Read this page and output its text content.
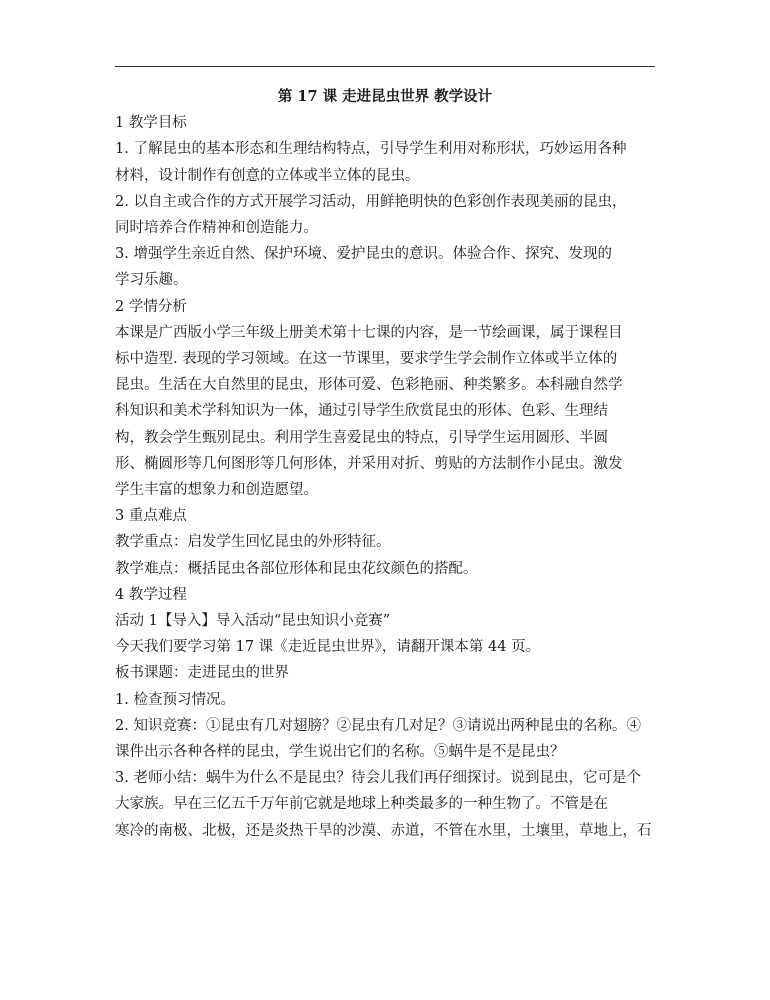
第 17 课 走进昆虫世界 教学设计

1 教学目标

1. 了解昆虫的基本形态和生理结构特点，引导学生利用对称形状，巧妙运用各种

材料，设计制作有创意的立体或半立体的昆虫。

2. 以自主或合作的方式开展学习活动，用鲜艳明快的色彩创作表现美丽的昆虫，

同时培养合作精神和创造能力。

3. 增强学生亲近自然、保护环境、爱护昆虫的意识。体验合作、探究、发现的

学习乐趣。

2 学情分析

本课是广西版小学三年级上册美术第十七课的内容，是一节绘画课，属于课程目

标中造型. 表现的学习领域。在这一节课里，要求学生学会制作立体或半立体的

昆虫。生活在大自然里的昆虫，形体可爱、色彩艳丽、种类繁多。本科融自然学

科知识和美术学科知识为一体，通过引导学生欣赏昆虫的形体、色彩、生理结

构，教会学生甄别昆虫。利用学生喜爱昆虫的特点，引导学生运用圆形、半圆

形、椭圆形等几何图形等几何形体，并采用对折、剪贴的方法制作小昆虫。激发

学生丰富的想象力和创造愿望。

3 重点难点

教学重点：启发学生回忆昆虫的外形特征。

教学难点：概括昆虫各部位形体和昆虫花纹颜色的搭配。

4 教学过程

活动 1【导入】导入活动“昆虫知识小竞赛”

今天我们要学习第 17 课《走近昆虫世界》，请翻开课本第 44 页。

板书课题：走进昆虫的世界

1. 检查预习情况。

2. 知识竞赛：①昆虫有几对翅膀？②昆虫有几对足？③请说出两种昆虫的名称。④

课件出示各种各样的昆虫，学生说出它们的名称。⑤蜗牛是不是昆虫？

3. 老师小结：蜗牛为什么不是昆虫？待会儿我们再仔细探讨。说到昆虫，它可是个

大家族。早在三亿五千万年前它就是地球上种类最多的一种生物了。不管是在

寒冷的南极、北极，还是炎热干旱的沙漠、赤道，不管在水里，土壤里，草地上，石
